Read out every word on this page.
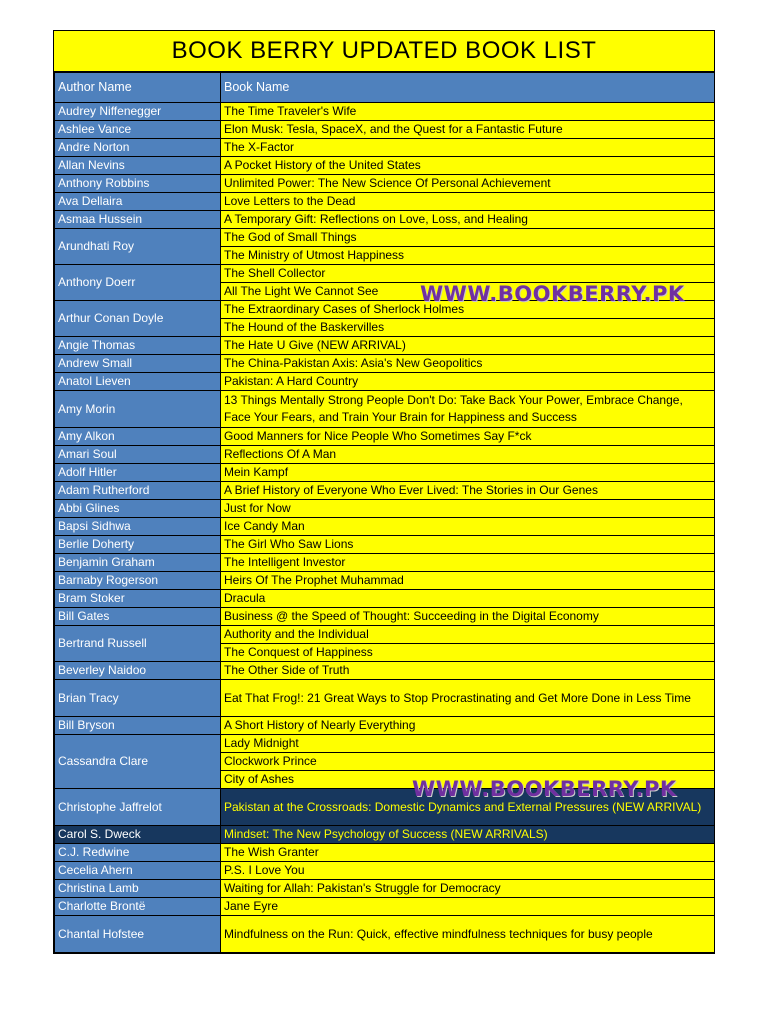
BOOK BERRY UPDATED BOOK LIST
Author Name	Book Name
Audrey Niffenegger	The Time Traveler's Wife
Ashlee Vance	Elon Musk: Tesla, SpaceX, and the Quest for a Fantastic Future
Andre Norton	The X-Factor
Allan Nevins	A Pocket History of the United States
Anthony Robbins	Unlimited Power: The New Science Of Personal Achievement
Ava Dellaira	Love Letters to the Dead
Asmaa Hussein	A Temporary Gift: Reflections on Love, Loss, and Healing
Arundhati Roy	The God of Small Things
	The Ministry of Utmost Happiness
Anthony Doerr	The Shell Collector
	All The Light We Cannot See
Arthur Conan Doyle	The Extraordinary Cases of Sherlock Holmes
	The Hound of the Baskervilles
Angie Thomas	The Hate U Give (NEW ARRIVAL)
Andrew Small	The China-Pakistan Axis: Asia's New Geopolitics
Anatol Lieven	Pakistan: A Hard Country
Amy Morin	13 Things Mentally Strong People Don't Do: Take Back Your Power, Embrace Change, Face Your Fears, and Train Your Brain for Happiness and Success
Amy Alkon	Good Manners for Nice People Who Sometimes Say F*ck
Amari Soul	Reflections Of A Man
Adolf Hitler	Mein Kampf
Adam Rutherford	A Brief History of Everyone Who Ever Lived: The Stories in Our Genes
Abbi Glines	Just for Now
Bapsi Sidhwa	Ice Candy Man
Berlie Doherty	The Girl Who Saw Lions
Benjamin Graham	The Intelligent Investor
Barnaby Rogerson	Heirs Of The Prophet Muhammad
Bram Stoker	Dracula
Bill Gates	Business @ the Speed of Thought: Succeeding in the Digital Economy
Bertrand Russell	Authority and the Individual
	The Conquest of Happiness
Beverley Naidoo	The Other Side of Truth
Brian Tracy	Eat That Frog!: 21 Great Ways to Stop Procrastinating and Get More Done in Less Time
Bill Bryson	A Short History of Nearly Everything
Cassandra Clare	Lady Midnight
	Clockwork Prince
	City of Ashes
Christophe Jaffrelot	Pakistan at the Crossroads: Domestic Dynamics and External Pressures (NEW ARRIVAL)
Carol S. Dweck	Mindset: The New Psychology of Success (NEW ARRIVALS)
C.J. Redwine	The Wish Granter
Cecelia Ahern	P.S. I Love You
Christina Lamb	Waiting for Allah: Pakistan's Struggle for Democracy
Charlotte Brontë	Jane Eyre
Chantal Hofstee	Mindfulness on the Run: Quick, effective mindfulness techniques for busy people
WWW.BOOKBERRY.PK
WWW.BOOKBERRY.PK
